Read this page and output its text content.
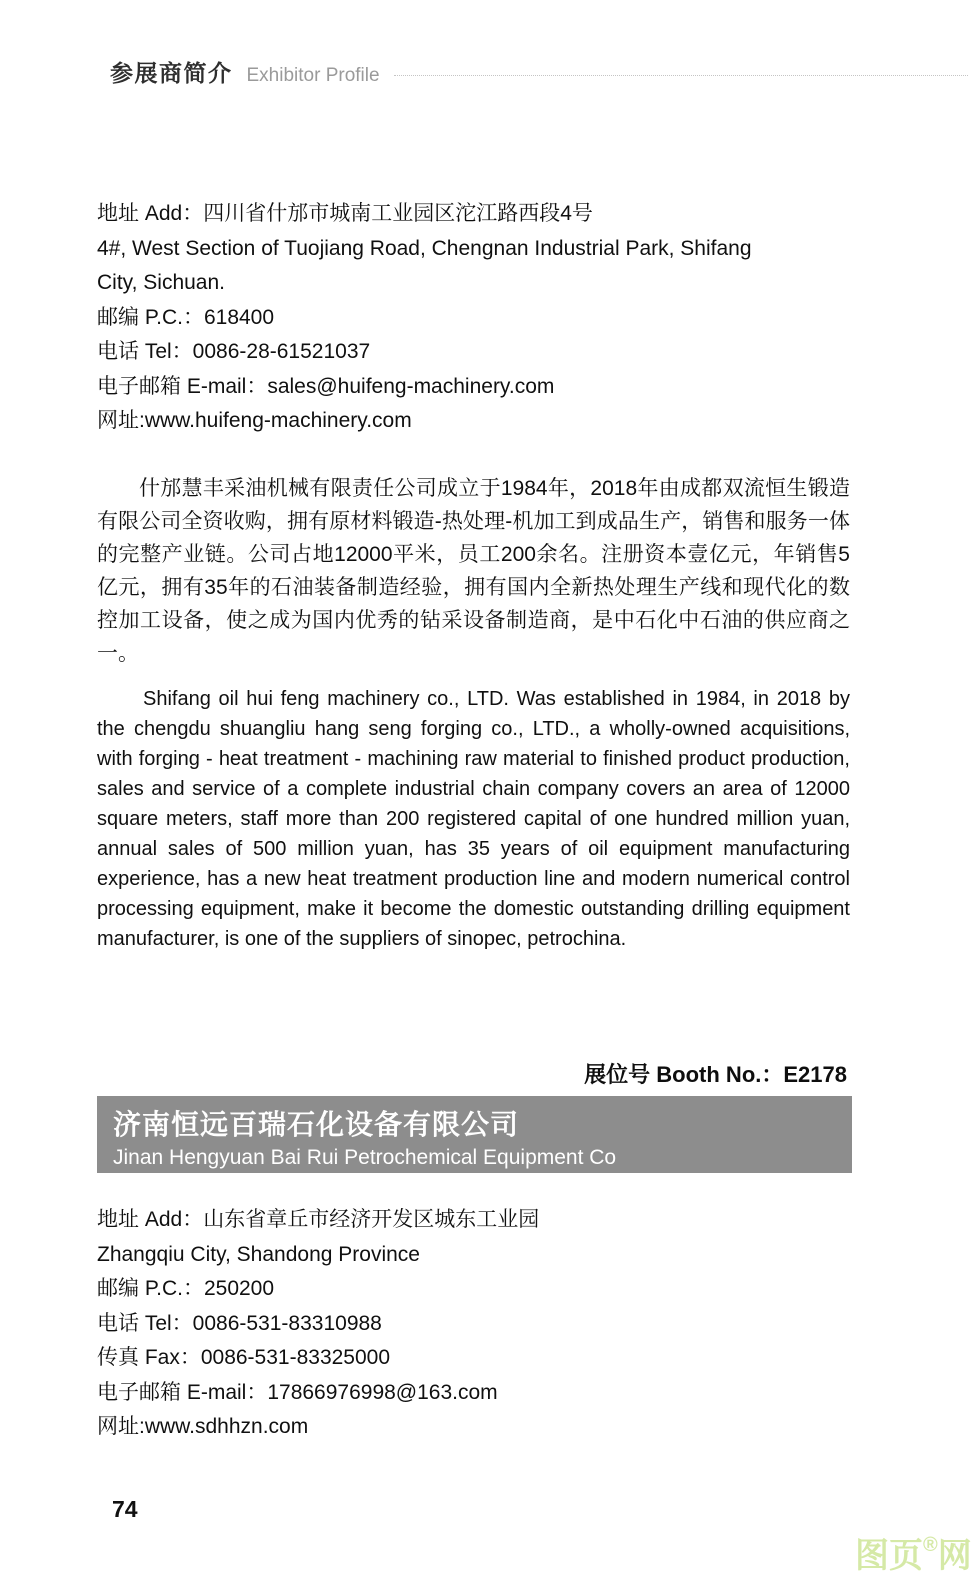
参展商简介 Exhibitor Profile
地址 Add：四川省什邡市城南工业园区沱江路西段4号
4#, West Section of Tuojiang Road, Chengnan Industrial Park, Shifang
City, Sichuan.
邮编 P.C.：618400
电话 Tel：0086-28-61521037
电子邮箱 E-mail：sales@huifeng-machinery.com
网址:www.huifeng-machinery.com

什邡慧丰采油机械有限责任公司成立于1984年，2018年由成都双流恒生锻造有限公司全资收购，拥有原材料锻造-热处理-机加工到成品生产，销售和服务一体的完整产业链。公司占地12000平米，员工200余名。注册资本壹亿元，年销售5亿元，拥有35年的石油装备制造经验，拥有国内全新热处理生产线和现代化的数控加工设备，使之成为国内优秀的钻采设备制造商，是中石化中石油的供应商之一。

Shifang oil hui feng machinery co., LTD. Was established in 1984, in 2018 by the chengdu shuangliu hang seng forging co., LTD., a wholly-owned acquisitions, with forging - heat treatment - machining raw material to finished product production, sales and service of a complete industrial chain company covers an area of 12000 square meters, staff more than 200 registered capital of one hundred million yuan, annual sales of 500 million yuan, has 35 years of oil equipment manufacturing experience, has a new heat treatment production line and modern numerical control processing equipment, make it become the domestic outstanding drilling equipment manufacturer, is one of the suppliers of sinopec, petrochina.

展位号 Booth No.：E2178
济南恒远百瑞石化设备有限公司
Jinan Hengyuan Bai Rui Petrochemical Equipment Co
地址 Add：山东省章丘市经济开发区城东工业园
Zhangqiu City, Shandong Province
邮编 P.C.：250200
电话 Tel：0086-531-83310988
传真 Fax：0086-531-83325000
电子邮箱 E-mail：17866976998@163.com
网址:www.sdhhzn.com
74
图页®网
